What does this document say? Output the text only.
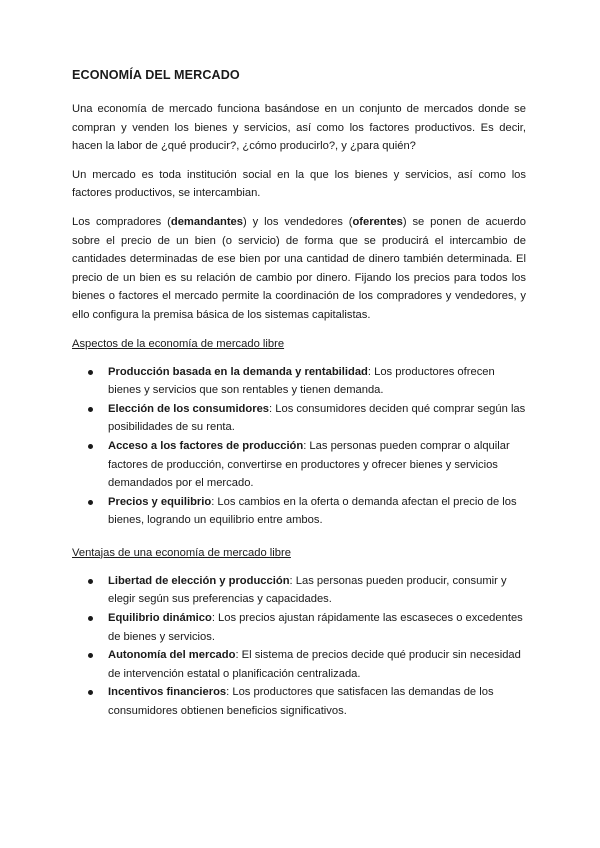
ECONOMÍA DEL MERCADO

Una economía de mercado funciona basándose en un conjunto de mercados donde se compran y venden los bienes y servicios, así como los factores productivos. Es decir, hacen la labor de ¿qué producir?, ¿cómo producirlo?, y ¿para quién?

Un mercado es toda institución social en la que los bienes y servicios, así como los factores productivos, se intercambian.

Los compradores (demandantes) y los vendedores (oferentes) se ponen de acuerdo sobre el precio de un bien (o servicio) de forma que se producirá el intercambio de cantidades determinadas de ese bien por una cantidad de dinero también determinada. El precio de un bien es su relación de cambio por dinero. Fijando los precios para todos los bienes o factores el mercado permite la coordinación de los compradores y vendedores, y ello configura la premisa básica de los sistemas capitalistas.

Aspectos de la economía de mercado libre
Producción basada en la demanda y rentabilidad: Los productores ofrecen bienes y servicios que son rentables y tienen demanda.
Elección de los consumidores: Los consumidores deciden qué comprar según las posibilidades de su renta.
Acceso a los factores de producción: Las personas pueden comprar o alquilar factores de producción, convertirse en productores y ofrecer bienes y servicios demandados por el mercado.
Precios y equilibrio: Los cambios en la oferta o demanda afectan el precio de los bienes, logrando un equilibrio entre ambos.
Ventajas de una economía de mercado libre
Libertad de elección y producción: Las personas pueden producir, consumir y elegir según sus preferencias y capacidades.
Equilibrio dinámico: Los precios ajustan rápidamente las escaseces o excedentes de bienes y servicios.
Autonomía del mercado: El sistema de precios decide qué producir sin necesidad de intervención estatal o planificación centralizada.
Incentivos financieros: Los productores que satisfacen las demandas de los consumidores obtienen beneficios significativos.
